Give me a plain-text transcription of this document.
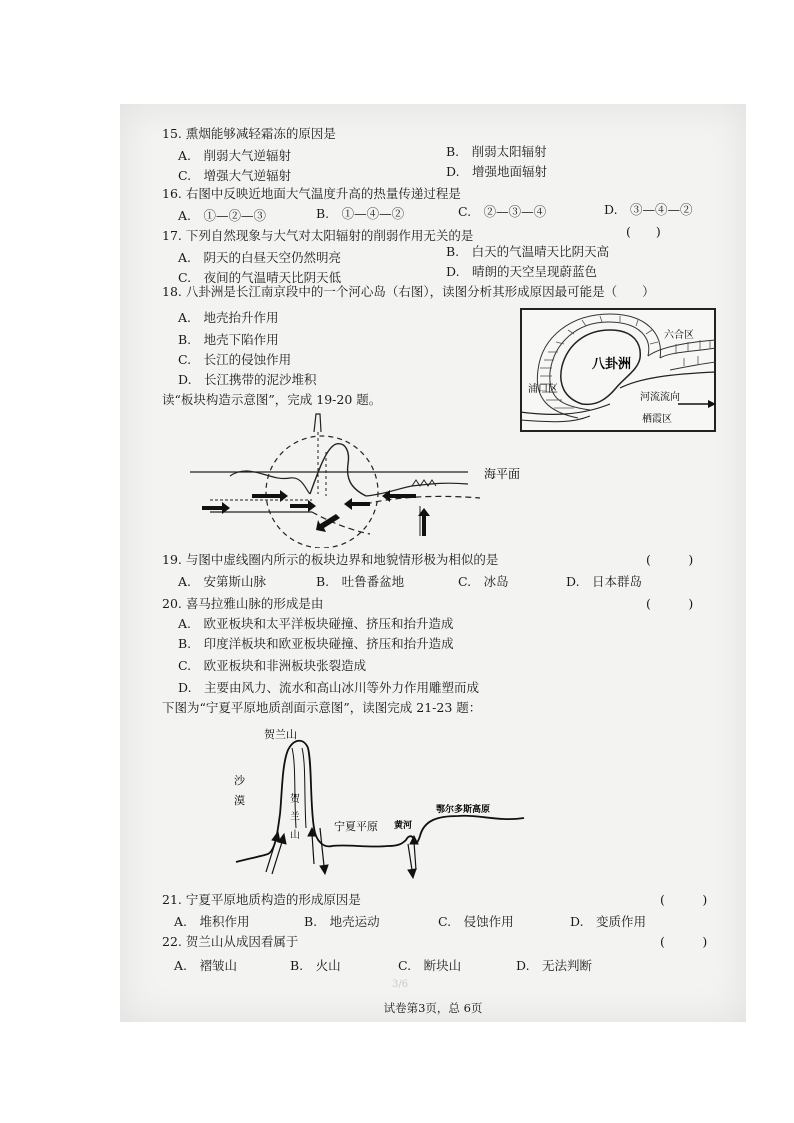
15. 熏烟能够减轻霜冻的原因是
A.　削弱大气逆辐射	B.　削弱太阳辐射
C.　增强大气逆辐射	D.　增强地面辐射
16. 右图中反映近地面大气温度升高的热量传递过程是
A.　①—②—③	B.　①—④—②	C.　②—③—④	D.　③—④—②
17. 下列自然现象与大气对太阳辐射的削弱作用无关的是	(　　)
A.　阴天的白昼天空仍然明亮	B.　白天的气温晴天比阴天高
C.　夜间的气温晴天比阴天低	D.　晴朗的天空呈现蔚蓝色
18. 八卦洲是长江南京段中的一个河心岛（右图），读图分析其形成原因最可能是（　　）
A.　地壳抬升作用
B.　地壳下陷作用
C.　长江的侵蚀作用
D.　长江携带的泥沙堆积
八卦洲
六合区
浦口区
栖霞区
河流流向
读“板块构造示意图”，完成 19-20 题。
海平面
19. 与图中虚线圈内所示的板块边界和地貌情形极为相似的是	(　　　)
A.　安第斯山脉	B.　吐鲁番盆地	C.　冰岛	D.　日本群岛
20. 喜马拉雅山脉的形成是由	(　　　)
A.　欧亚板块和太平洋板块碰撞、挤压和抬升造成
B.　印度洋板块和欧亚板块碰撞、挤压和抬升造成
C.　欧亚板块和非洲板块张裂造成
D.　主要由风力、流水和高山冰川等外力作用雕塑而成
下图为“宁夏平原地质剖面示意图”，读图完成 21-23 题：
贺兰山
沙
漠	贺
兰
山
宁夏平原 黄河
鄂尔多斯高原
21. 宁夏平原地质构造的形成原因是	(　　　)
A.　堆积作用	B.　地壳运动	C.　侵蚀作用	D.　变质作用
22. 贺兰山从成因看属于	(　　　)
A.　褶皱山	B.　火山	C.　断块山	D.　无法判断
3/6
试卷第3页，总 6页
